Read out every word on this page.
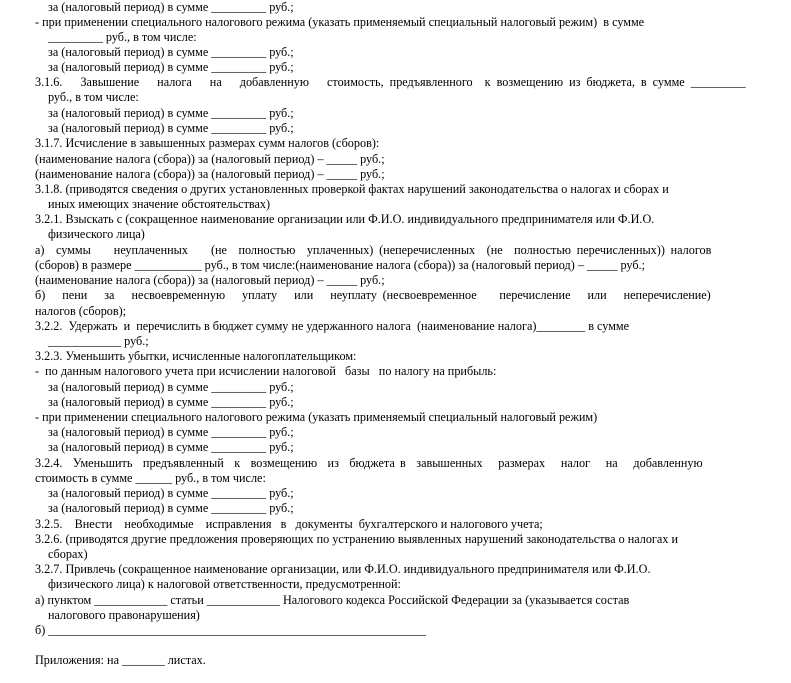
за (налоговый период) в сумме _________ руб.;
- при применении специального налогового режима (указать применяемый специальный налоговый режим)  в сумме
_________ руб., в том числе:
за (налоговый период) в сумме _________ руб.;
за (налоговый период) в сумме _________ руб.;
3.1.6.   Завышение   налога   на   добавленную   стоимость, предъявленного  к возмещению из бюджета, в сумме _________
руб., в том числе:
за (налоговый период) в сумме _________ руб.;
за (налоговый период) в сумме _________ руб.;
3.1.7. Исчисление в завышенных размерах сумм налогов (сборов):
(наименование налога (сбора)) за (налоговый период) – _____ руб.;
(наименование налога (сбора)) за (налоговый период) – _____ руб.;
3.1.8. (приводятся сведения о других установленных проверкой фактах нарушений законодательства о налогах и сборах и
иных имеющих значение обстоятельствах)
3.2.1. Взыскать с (сокращенное наименование организации или Ф.И.О. индивидуального предпринимателя или Ф.И.О.
физического лица)
а)  суммы    неуплаченных    (не  полностью  уплаченных) (неперечисленных  (не  полностью перечисленных)) налогов
(сборов) в размере ___________ руб., в том числе:(наименование налога (сбора)) за (налоговый период) – _____ руб.;
(наименование налога (сбора)) за (налоговый период) – _____ руб.;
б)   пени   за   несвоевременную   уплату   или   неуплату (несвоевременное    перечисление   или   неперечисление)
налогов (сборов);
3.2.2.  Удержать  и  перечислить в бюджет сумму не удержанного налога  (наименование налога)________ в сумме
____________ руб.;
3.2.3. Уменьшить убытки, исчисленные налогоплательщиком:
-  по данным налогового учета при исчислении налоговой   базы   по налогу на прибыль:
за (налоговый период) в сумме _________ руб.;
за (налоговый период) в сумме _________ руб.;
- при применении специального налогового режима (указать применяемый специальный налоговый режим)
за (налоговый период) в сумме _________ руб.;
за (налоговый период) в сумме _________ руб.;
3.2.4.  Уменьшить  предъявленный  к  возмещению  из  бюджета в  завышенных   размерах   налог   на   добавленную
стоимость в сумме ______ руб., в том числе:
за (налоговый период) в сумме _________ руб.;
за (налоговый период) в сумме _________ руб.;
3.2.5.    Внести    необходимые    исправления   в   документы  бухгалтерского и налогового учета;
3.2.6. (приводятся другие предложения проверяющих по устранению выявленных нарушений законодательства о налогах и
сборах)
3.2.7. Привлечь (сокращенное наименование организации, или Ф.И.О. индивидуального предпринимателя или Ф.И.О.
физического лица) к налоговой ответственности, предусмотренной:
а) пунктом ____________ статьи ____________ Налогового кодекса Российской Федерации за (указывается состав
налогового правонарушения)
б) ______________________________________________________________
Приложения: на _______ листах.
